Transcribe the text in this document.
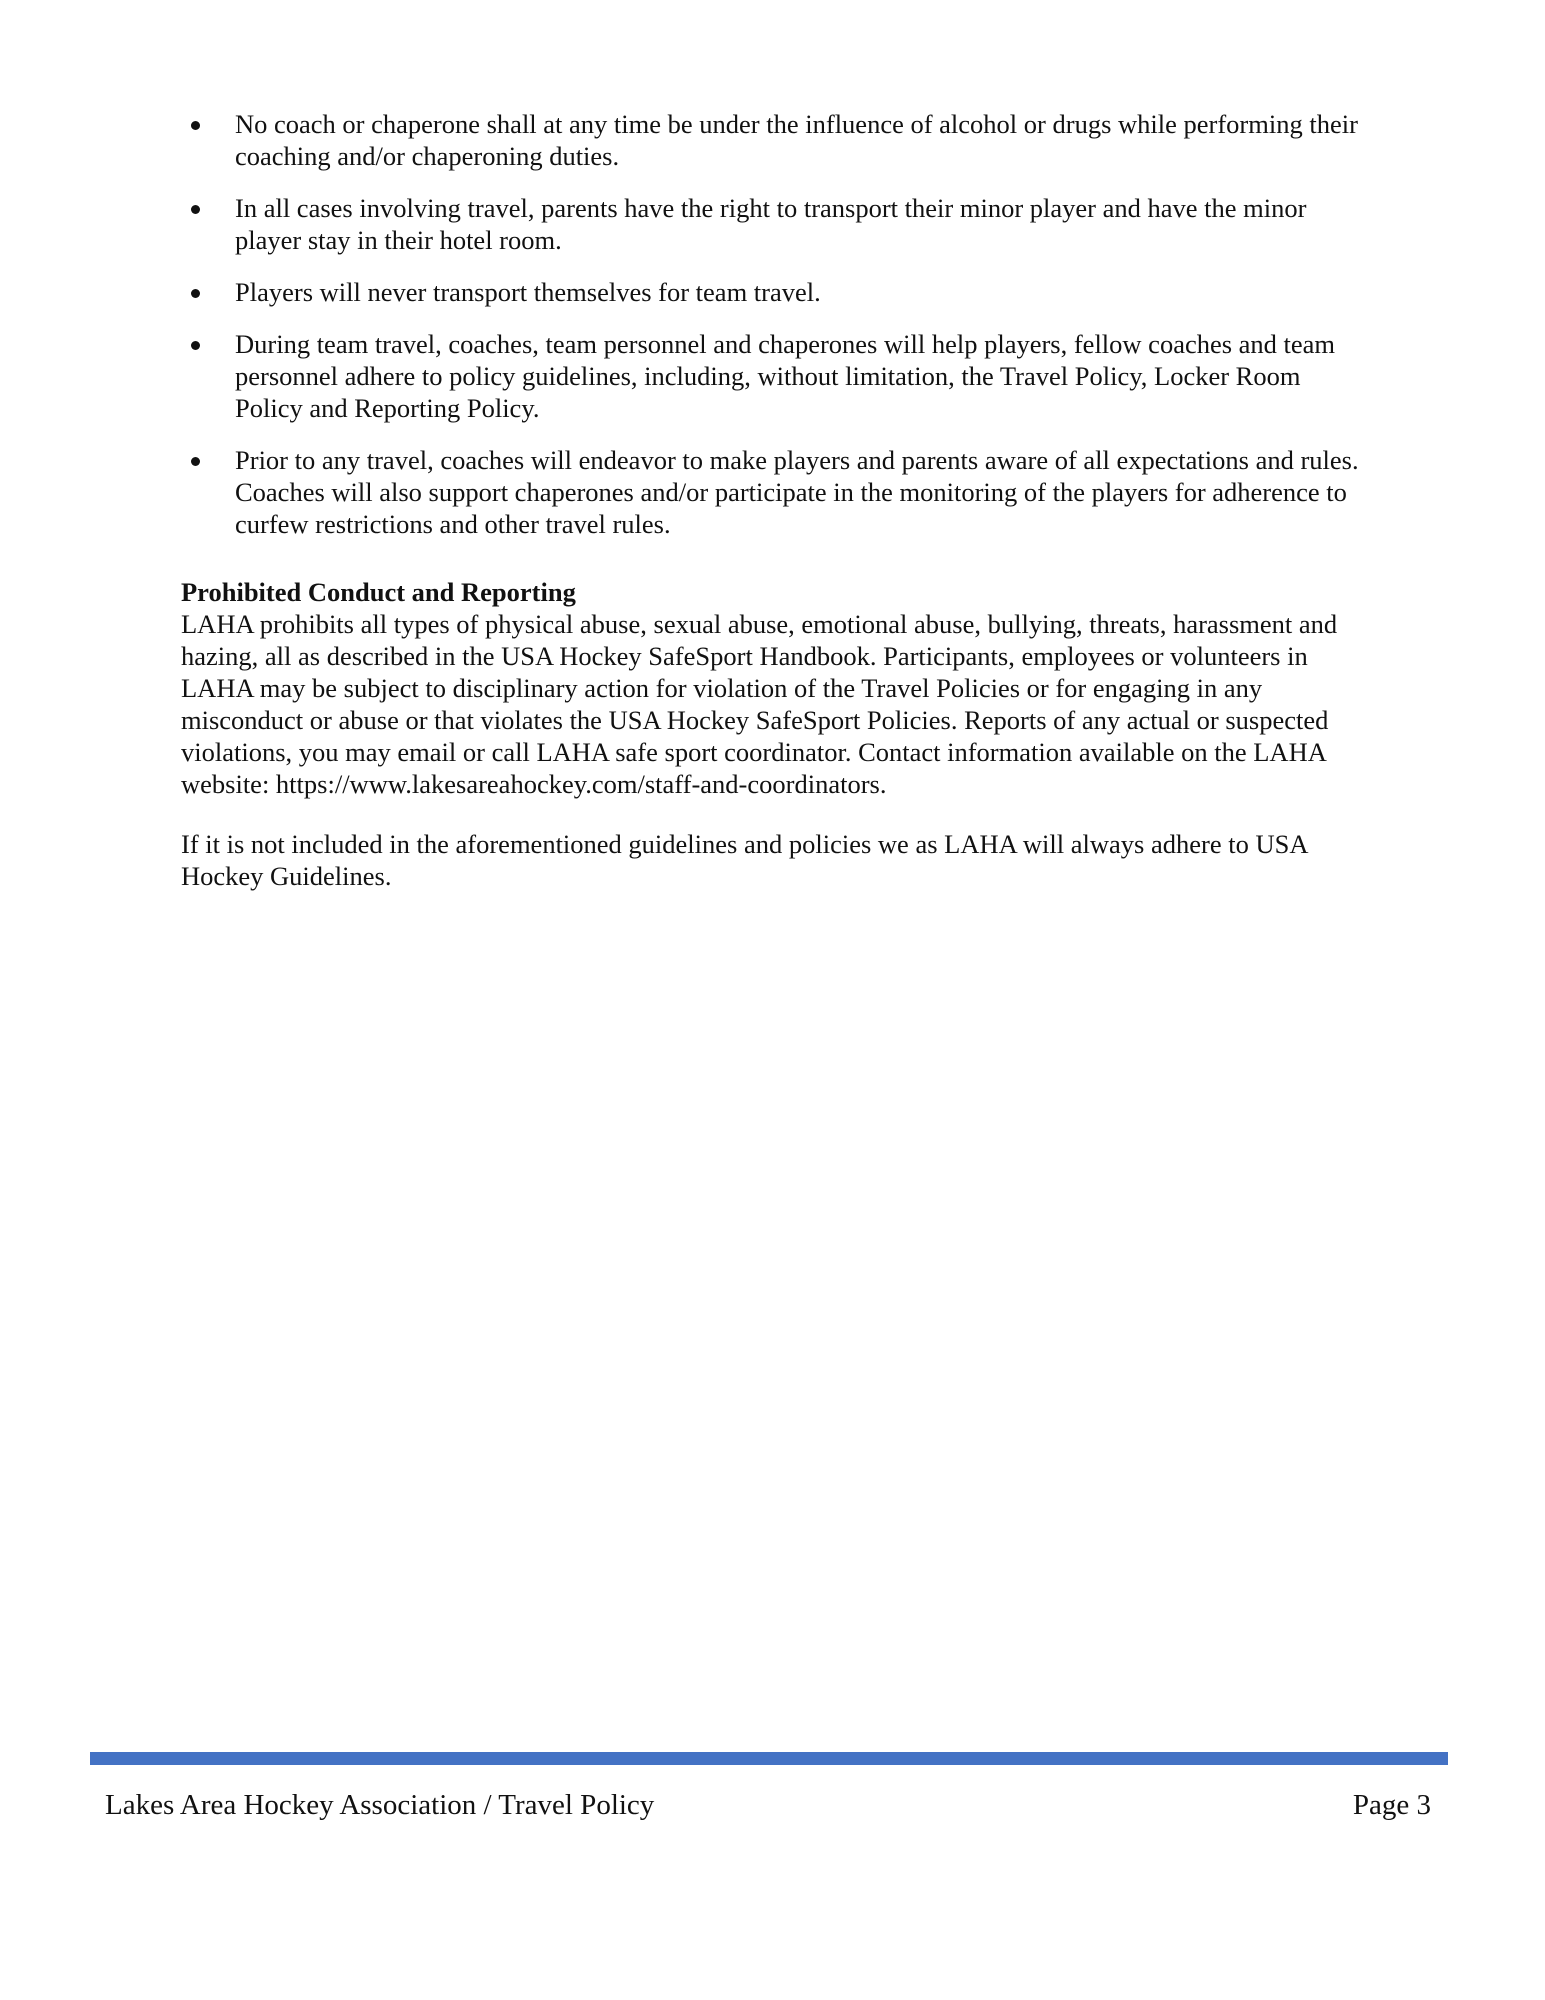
No coach or chaperone shall at any time be under the influence of alcohol or drugs while performing their coaching and/or chaperoning duties.
In all cases involving travel, parents have the right to transport their minor player and have the minor player stay in their hotel room.
Players will never transport themselves for team travel.
During team travel, coaches, team personnel and chaperones will help players, fellow coaches and team personnel adhere to policy guidelines, including, without limitation, the Travel Policy, Locker Room Policy and Reporting Policy.
Prior to any travel, coaches will endeavor to make players and parents aware of all expectations and rules. Coaches will also support chaperones and/or participate in the monitoring of the players for adherence to curfew restrictions and other travel rules.

Prohibited Conduct and Reporting

LAHA prohibits all types of physical abuse, sexual abuse, emotional abuse, bullying, threats, harassment and hazing, all as described in the USA Hockey SafeSport Handbook. Participants, employees or volunteers in LAHA may be subject to disciplinary action for violation of the Travel Policies or for engaging in any misconduct or abuse or that violates the USA Hockey SafeSport Policies. Reports of any actual or suspected violations, you may email or call LAHA safe sport coordinator. Contact information available on the LAHA website: https://www.lakesareahockey.com/staff-and-coordinators.

If it is not included in the aforementioned guidelines and policies we as LAHA will always adhere to USA Hockey Guidelines.

Lakes Area Hockey Association / Travel Policy	Page 3
